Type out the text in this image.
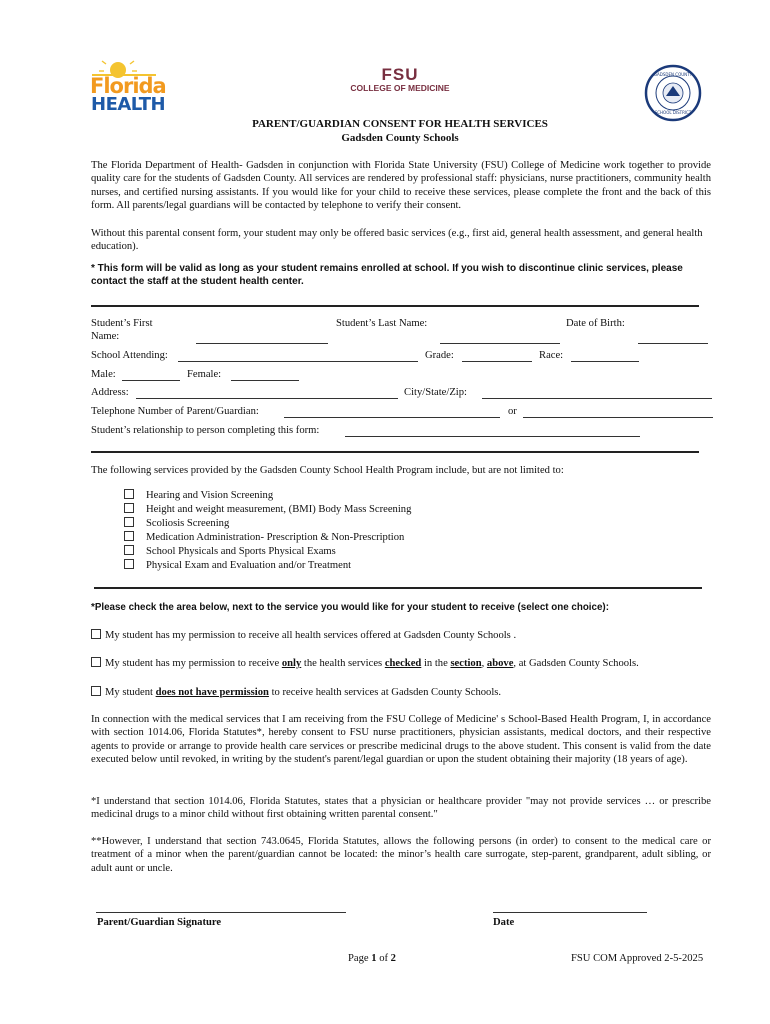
Florida
HEALTH
FSU
COLLEGE OF MEDICINE
GADSDEN COUNTY
SCHOOL DISTRICT
PARENT/GUARDIAN CONSENT FOR HEALTH SERVICES
Gadsden County Schools
The Florida Department of Health- Gadsden in conjunction with Florida State University (FSU) College of Medicine work together to provide quality care for the students of Gadsden County. All services are rendered by professional staff: physicians, nurse practitioners, community health nurses, and certified nursing assistants. If you would like for your child to receive these services, please complete the front and the back of this form. All parents/legal guardians will be contacted by telephone to verify their consent.
Without this parental consent form, your student may only be offered basic services (e.g., first aid, general health assessment, and general health education).
* This form will be valid as long as your student remains enrolled at school. If you wish to discontinue clinic services, please contact the staff at the student health center.
Student’s First
Name:
Student’s Last Name:	Date of Birth:
School Attending:	Grade:	Race:
Male:	Female:
Address:	City/State/Zip:
Telephone Number of Parent/Guardian:	or
Student’s relationship to person completing this form:
The following services provided by the Gadsden County School Health Program include, but are not limited to:
Hearing and Vision Screening
Height and weight measurement, (BMI) Body Mass Screening
Scoliosis Screening
Medication Administration- Prescription & Non-Prescription
School Physicals and Sports Physical Exams
Physical Exam and Evaluation and/or Treatment
*Please check the area below, next to the service you would like for your student to receive (select one choice):
My student has my permission to receive all health services offered at Gadsden County Schools .
My student has my permission to receive only the health services checked in the section, above, at Gadsden County Schools.
My student does not have permission to receive health services at Gadsden County Schools.
In connection with the medical services that I am receiving from the FSU College of Medicine' s School-Based Health Program, I, in accordance with section 1014.06, Florida Statutes*, hereby consent to FSU nurse practitioners, physician assistants, medical doctors, and their respective agents to provide or arrange to provide health care services or prescribe medicinal drugs to the above student. This consent is valid from the date executed below until revoked, in writing by the student's parent/legal guardian or upon the student obtaining their majority (18 years of age).
*I understand that section 1014.06, Florida Statutes, states that a physician or healthcare provider "may not provide services … or prescribe medicinal drugs to a minor child without first obtaining written parental consent."
**However, I understand that section 743.0645, Florida Statutes, allows the following persons (in order) to consent to the medical care or treatment of a minor when the parent/guardian cannot be located: the minor’s health care surrogate, step-parent, grandparent, adult sibling, or adult aunt or uncle.
Parent/Guardian Signature	Date
Page 1 of 2	FSU COM Approved 2-5-2025
